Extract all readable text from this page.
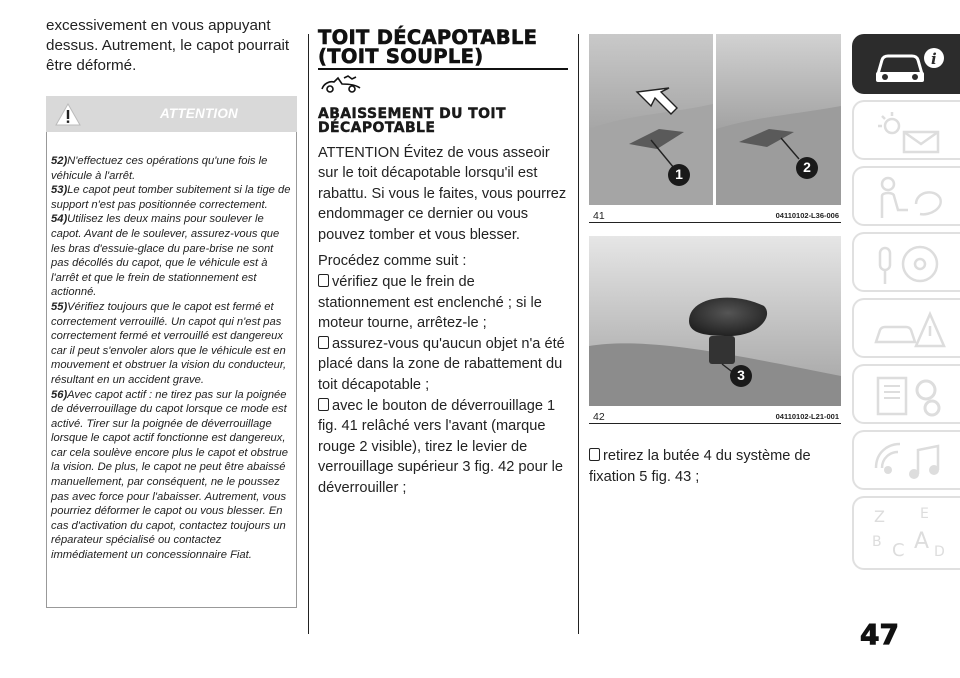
excessivement en vous appuyant dessus. Autrement, le capot pourrait être déformé.
ATTENTION
52)N'effectuez ces opérations qu'une fois le véhicule à l'arrêt.
53)Le capot peut tomber subitement si la tige de support n'est pas positionnée correctement.
54)Utilisez les deux mains pour soulever le capot. Avant de le soulever, assurez-vous que les bras d'essuie-glace du pare-brise ne sont pas décollés du capot, que le véhicule est à l'arrêt et que le frein de stationnement est actionné.
55)Vérifiez toujours que le capot est fermé et correctement verrouillé. Un capot qui n'est pas correctement fermé et verrouillé est dangereux car il peut s'envoler alors que le véhicule est en mouvement et obstruer la vision du conducteur, résultant en un accident grave.
56)Avec capot actif : ne tirez pas sur la poignée de déverrouillage du capot lorsque ce mode est activé. Tirer sur la poignée de déverrouillage lorsque le capot actif fonctionne est dangereux, car cela soulève encore plus le capot et obstrue la vision. De plus, le capot ne peut être abaissé manuellement, par conséquent, ne le poussez pas avec force pour l'abaisser. Autrement, vous pourriez déformer le capot ou vous blesser. En cas d'activation du capot, contactez toujours un réparateur spécialisé ou contactez immédiatement un concessionnaire Fiat.
TOIT DÉCAPOTABLE (TOIT SOUPLE)
ABAISSEMENT DU TOIT DÉCAPOTABLE

ATTENTION Évitez de vous asseoir sur le toit décapotable lorsqu'il est rabattu. Si vous le faites, vous pourrez endommager ce dernier ou vous pouvez tomber et vous blesser.

Procédez comme suit :

vérifiez que le frein de stationnement est enclenché ; si le moteur tourne, arrêtez-le ;
assurez-vous qu'aucun objet n'a été placé dans la zone de rabattement du toit décapotable ;
avec le bouton de déverrouillage 1 fig. 41 relâché vers l'avant (marque rouge 2 visible), tirez le levier de verrouillage supérieur 3 fig. 42 pour le déverrouiller ;
1	2
41	04110102-L36-006
3
42	04110102-L21-001
retirez la butée 4 du système de fixation 5 fig. 43 ;
i
Z	E
B C A D
47
